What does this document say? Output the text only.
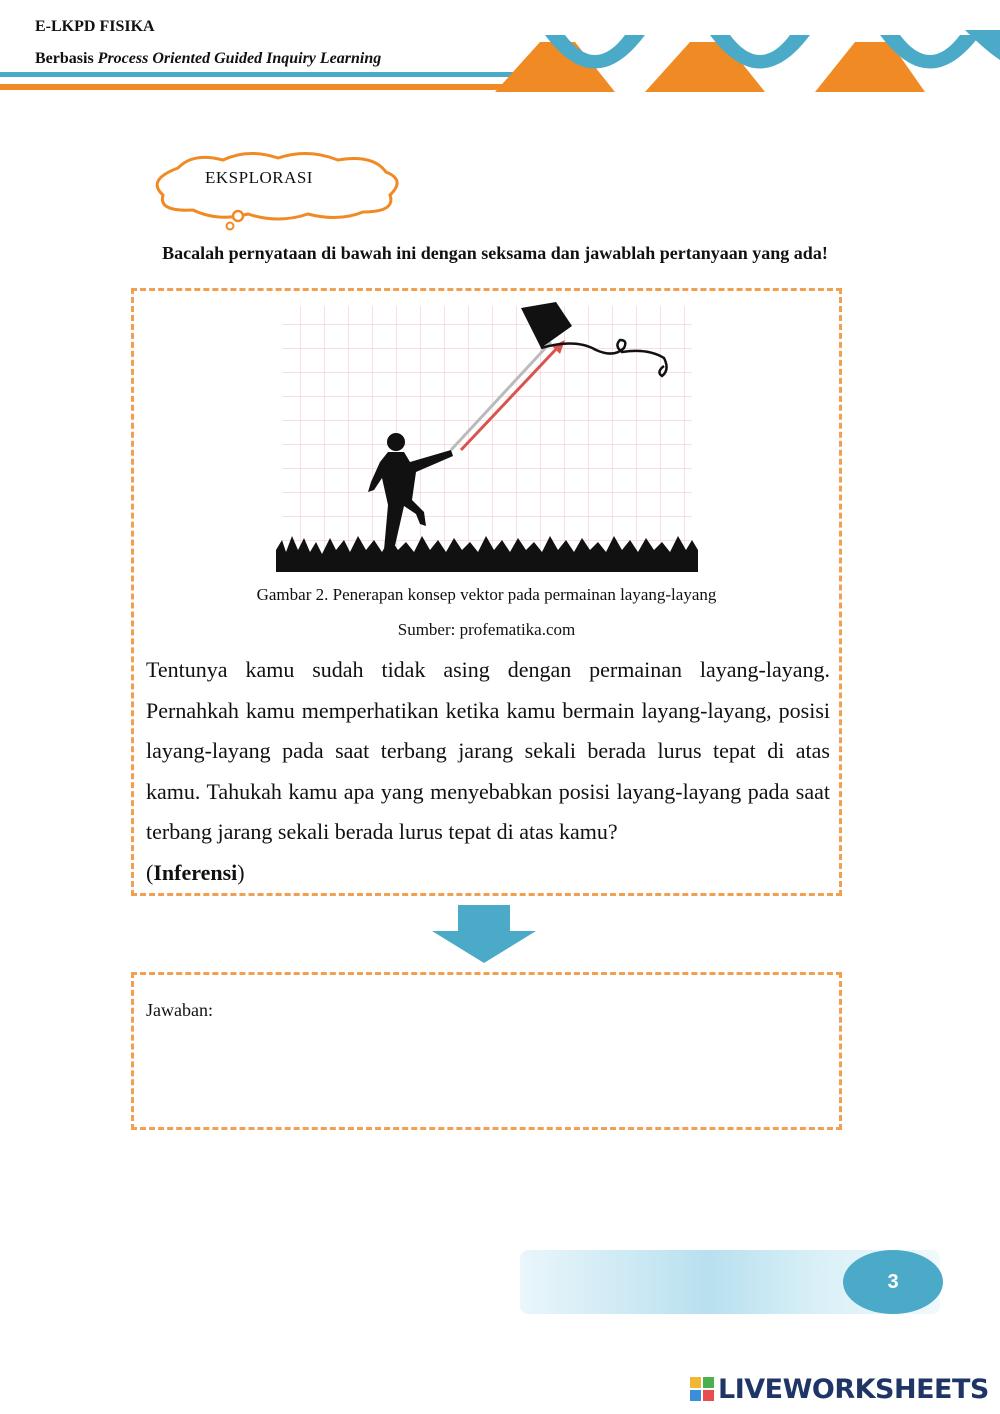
E-LKPD FISIKA
Berbasis Process Oriented Guided Inquiry Learning
EKSPLORASI
Bacalah pernyataan di bawah ini dengan seksama dan jawablah pertanyaan yang ada!
Gambar 2. Penerapan konsep vektor pada permainan layang-layang
Sumber: profematika.com
Tentunya kamu sudah tidak asing dengan permainan layang-layang. Pernahkah kamu memperhatikan ketika kamu bermain layang-layang, posisi layang-layang pada saat terbang jarang sekali berada lurus tepat di atas kamu. Tahukah kamu apa yang menyebabkan posisi layang-layang pada saat terbang jarang sekali berada lurus tepat di atas kamu?
(Inferensi)
Jawaban:
3
LIVEWORKSHEETS
